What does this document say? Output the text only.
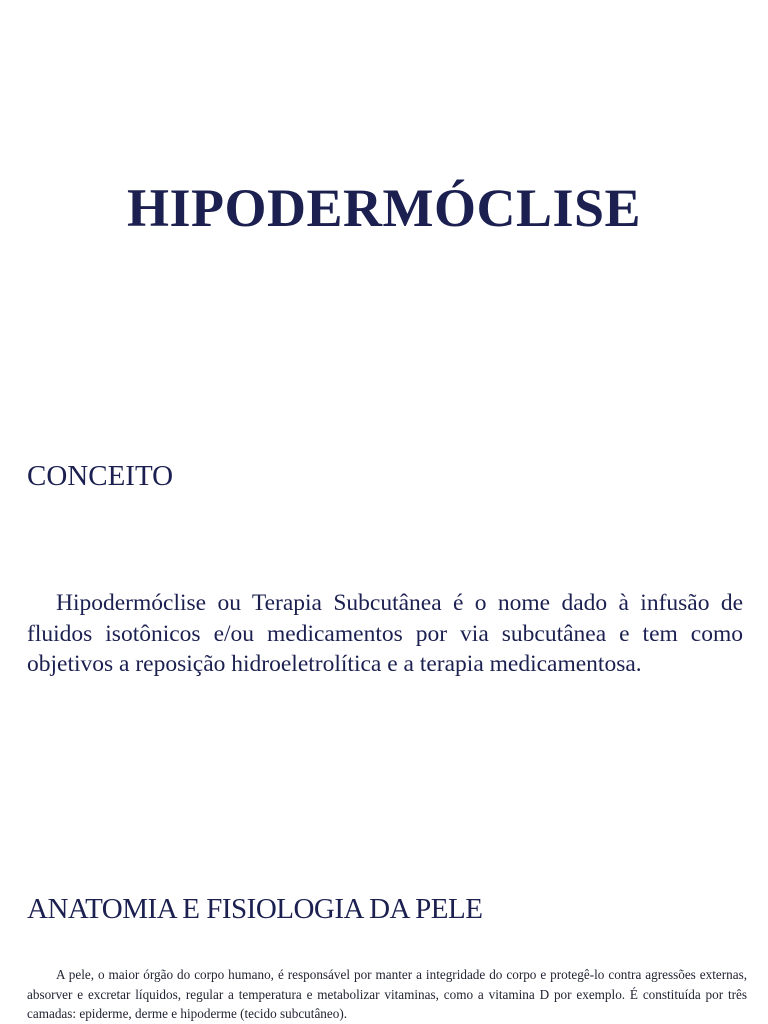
HIPODERMÓCLISE
CONCEITO

Hipodermóclise ou Terapia Subcutânea é o nome dado à infusão de fluidos isotônicos e/ou medicamentos por via subcutânea e tem como objetivos a reposição hidroeletrolítica e a terapia medicamentosa.

ANATOMIA E FISIOLOGIA DA PELE

A pele, o maior órgão do corpo humano, é responsável por manter a integridade do corpo e protegê-lo contra agressões externas, absorver e excretar líquidos, regular a temperatura e metabolizar vitaminas, como a vitamina D por exemplo. É constituída por três camadas: epiderme, derme e hipoderme (tecido subcutâneo).
